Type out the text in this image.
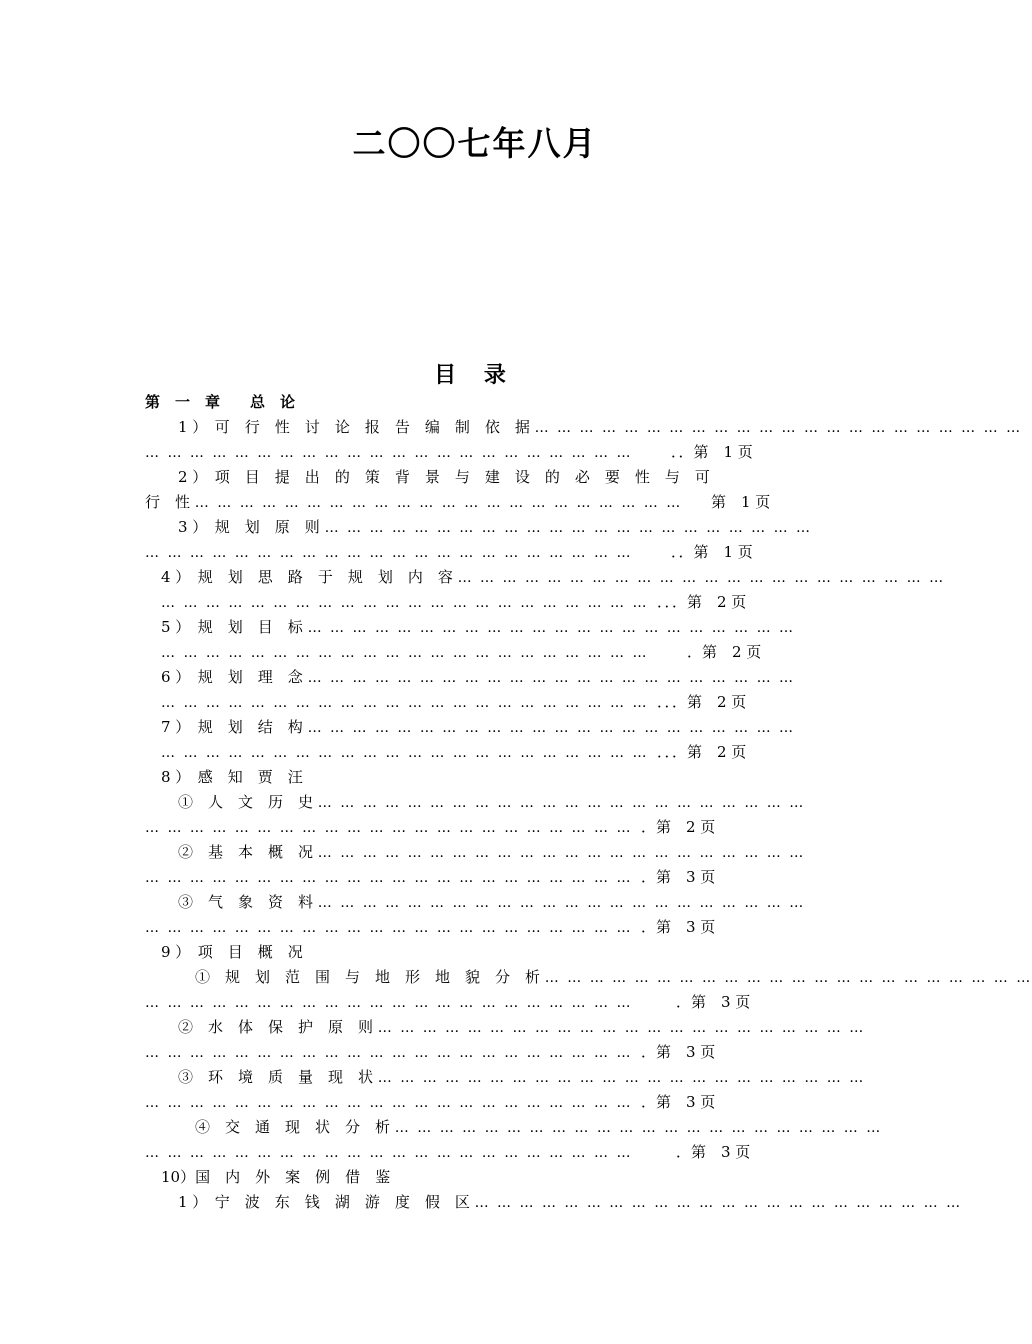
二〇〇七年八月
目 录
第　一　章　　总　论
1 ）　可　行　性　讨　论　报　告　编　制　依　据 … … … … … … … … … … … … … … … … … … … … … …
… … … … … … … … … … … … … … … … … … … … … …	．．第　1 页
2 ）　项　目　提　出　的　策　背　景　与　建　设　的　必　要　性　与　可
行　性 … … … … … … … … … … … … … … … … … … … … … …	第　1 页
3 ）　规　划　原　则 … … … … … … … … … … … … … … … … … … … … … …
… … … … … … … … … … … … … … … … … … … … … …	．．第　1 页
4 ）　规　划　思　路　于　规　划　内　容 … … … … … … … … … … … … … … … … … … … … … …
… … … … … … … … … … … … … … … … … … … … … … ．．．第　2 页
5 ）　规　划　目　标 … … … … … … … … … … … … … … … … … … … … … …
… … … … … … … … … … … … … … … … … … … … … …	．第　2 页
6 ）　规　划　理　念 … … … … … … … … … … … … … … … … … … … … … …
… … … … … … … … … … … … … … … … … … … … … … ．．．第　2 页
7 ）　规　划　结　构 … … … … … … … … … … … … … … … … … … … … … …
… … … … … … … … … … … … … … … … … … … … … … ．．．第　2 页
8 ）　感　知　贾　汪
①　人　文　历　史 … … … … … … … … … … … … … … … … … … … … … …
… … … … … … … … … … … … … … … … … … … … … … ．第　2 页
②　基　本　概　况 … … … … … … … … … … … … … … … … … … … … … …
… … … … … … … … … … … … … … … … … … … … … … ．第　3 页
③　气　象　资　料 … … … … … … … … … … … … … … … … … … … … … …
… … … … … … … … … … … … … … … … … … … … … … ．第　3 页
9 ）　项　目　概　况
①　规　划　范　围　与　地　形　地　貌　分　析 … … … … … … … … … … … … … … … … … … … … … …
… … … … … … … … … … … … … … … … … … … … … …	．第　3 页
②　水　体　保　护　原　则 … … … … … … … … … … … … … … … … … … … … … …
… … … … … … … … … … … … … … … … … … … … … … ．第　3 页
③　环　境　质　量　现　状 … … … … … … … … … … … … … … … … … … … … … …
… … … … … … … … … … … … … … … … … … … … … … ．第　3 页
④　交　通　现　状　分　析 … … … … … … … … … … … … … … … … … … … … … …
… … … … … … … … … … … … … … … … … … … … … …	．第　3 页
10）国　内　外　案　例　借　鉴
1 ）　宁　波　东　钱　湖　游　度　假　区 … … … … … … … … … … … … … … … … … … … … … …
